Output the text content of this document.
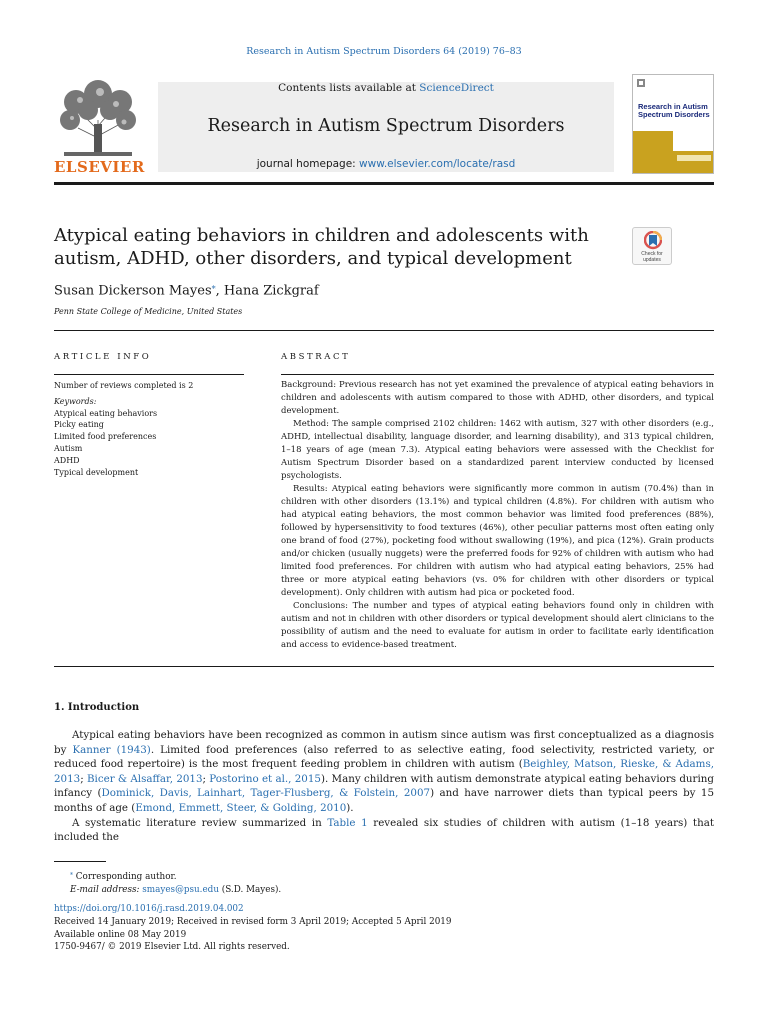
Research in Autism Spectrum Disorders 64 (2019) 76–83
ELSEVIER
Contents lists available at ScienceDirect
Research in Autism Spectrum Disorders
journal homepage: www.elsevier.com/locate/rasd
Research in Autism Spectrum Disorders
Atypical eating behaviors in children and adolescents with autism, ADHD, other disorders, and typical development	Check for updates
Susan Dickerson Mayes⁎, Hana Zickgraf
Penn State College of Medicine, United States
ARTICLE INFO	ABSTRACT
Number of reviews completed is 2
Keywords:
Atypical eating behaviors
Picky eating
Limited food preferences
Autism
ADHD
Typical development

Background: Previous research has not yet examined the prevalence of atypical eating behaviors in children and adolescents with autism compared to those with ADHD, other disorders, and typical development.

Method: The sample comprised 2102 children: 1462 with autism, 327 with other disorders (e.g., ADHD, intellectual disability, language disorder, and learning disability), and 313 typical children, 1–18 years of age (mean 7.3). Atypical eating behaviors were assessed with the Checklist for Autism Spectrum Disorder based on a standardized parent interview conducted by licensed psychologists.

Results: Atypical eating behaviors were significantly more common in autism (70.4%) than in children with other disorders (13.1%) and typical children (4.8%). For children with autism who had atypical eating behaviors, the most common behavior was limited food preferences (88%), followed by hypersensitivity to food textures (46%), other peculiar patterns most often eating only one brand of food (27%), pocketing food without swallowing (19%), and pica (12%). Grain products and/or chicken (usually nuggets) were the preferred foods for 92% of children with autism who had limited food preferences. For children with autism who had atypical eating behaviors, 25% had three or more atypical eating behaviors (vs. 0% for children with other disorders or typical development). Only children with autism had pica or pocketed food.

Conclusions: The number and types of atypical eating behaviors found only in children with autism and not in children with other disorders or typical development should alert clinicians to the possibility of autism and the need to evaluate for autism in order to facilitate early identification and access to evidence-based treatment.

1. Introduction

Atypical eating behaviors have been recognized as common in autism since autism was first conceptualized as a diagnosis by Kanner (1943). Limited food preferences (also referred to as selective eating, food selectivity, restricted variety, or reduced food repertoire) is the most frequent feeding problem in children with autism (Beighley, Matson, Rieske, & Adams, 2013; Bicer & Alsaffar, 2013; Postorino et al., 2015). Many children with autism demonstrate atypical eating behaviors during infancy (Dominick, Davis, Lainhart, Tager-Flusberg, & Folstein, 2007) and have narrower diets than typical peers by 15 months of age (Emond, Emmett, Steer, & Golding, 2010).

A systematic literature review summarized in Table 1 revealed six studies of children with autism (1–18 years) that included the

⁎ Corresponding author.
E-mail address: smayes@psu.edu (S.D. Mayes).
https://doi.org/10.1016/j.rasd.2019.04.002
Received 14 January 2019; Received in revised form 3 April 2019; Accepted 5 April 2019
Available online 08 May 2019
1750-9467/ © 2019 Elsevier Ltd. All rights reserved.
